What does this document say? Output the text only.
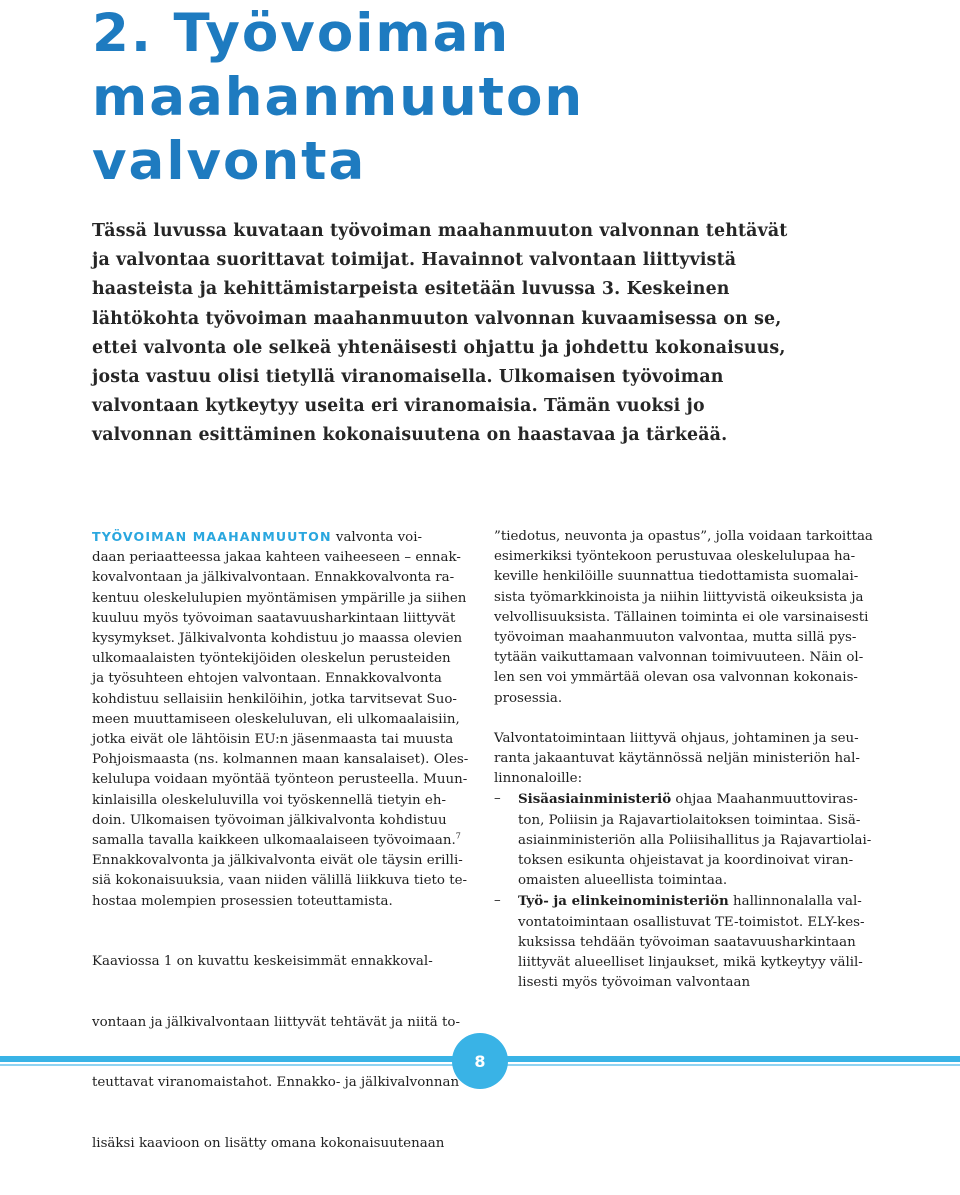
2. Työvoiman
maahanmuuton
valvonta

Tässä luvussa kuvataan työvoiman maahanmuuton valvonnan tehtävät
ja valvontaa suorittavat toimijat. Havainnot valvontaan liittyvistä
haasteista ja kehittämistarpeista esitetään luvussa 3. Keskeinen
lähtökohta työvoiman maahanmuuton valvonnan kuvaamisessa on se,
ettei valvonta ole selkeä yhtenäisesti ohjattu ja johdettu kokonaisuus,
josta vastuu olisi tietyllä viranomaisella. Ulkomaisen työvoiman
valvontaan kytkeytyy useita eri viranomaisia. Tämän vuoksi jo
valvonnan esittäminen kokonaisuutena on haastavaa ja tärkeää.

TYÖVOIMAN MAAHANMUUTON valvonta voi-
daan periaatteessa jakaa kahteen vaiheeseen – ennak-
kovalvontaan ja jälkivalvontaan. Ennakkovalvonta ra-
kentuu oleskelulupien myöntämisen ympärille ja siihen
kuuluu myös työvoiman saatavuusharkintaan liittyvät
kysymykset. Jälkivalvonta kohdistuu jo maassa olevien
ulkomaalaisten työntekijöiden oleskelun perusteiden
ja työsuhteen ehtojen valvontaan. Ennakkovalvonta
kohdistuu sellaisiin henkilöihin, jotka tarvitsevat Suo-
meen muuttamiseen oleskeluluvan, eli ulkomaalaisiin,
jotka eivät ole lähtöisin EU:n jäsenmaasta tai muusta
Pohjoismaasta (ns. kolmannen maan kansalaiset). Oles-
kelulupa voidaan myöntää työnteon perusteella. Muun-
kinlaisilla oleskeluluvilla voi työskennellä tietyin eh-
doin. Ulkomaisen työvoiman jälkivalvonta kohdistuu
samalla tavalla kaikkeen ulkomaalaiseen työvoimaan.$^7$
Ennakkovalvonta ja jälkivalvonta eivät ole täysin erilli-
siä kokonaisuuksia, vaan niiden välillä liikkuva tieto te-
hostaa molempien prosessien toteuttamista.

Kaaviossa 1 on kuvattu keskeisimmät ennakkoval-

vontaan ja jälkivalvontaan liittyvät tehtävät ja niitä to-

teuttavat viranomaistahot. Ennakko- ja jälkivalvonnan

lisäksi kaavioon on lisätty omana kokonaisuutenaan

”tiedotus, neuvonta ja opastus”, jolla voidaan tarkoittaa
esimerkiksi työntekoon perustuvaa oleskelulupaa ha-
keville henkilöille suunnattua tiedottamista suomalai-
sista työmarkkinoista ja niihin liittyvistä oikeuksista ja
velvollisuuksista. Tällainen toiminta ei ole varsinaisesti
työvoiman maahanmuuton valvontaa, mutta sillä pys-
tytään vaikuttamaan valvonnan toimivuuteen. Näin ol-
len sen voi ymmärtää olevan osa valvonnan kokonais-
prosessia.

Valvontatoimintaan liittyvä ohjaus, johtaminen ja seu-
ranta jakaantuvat käytännössä neljän ministeriön hal-
linnonaloille:

– Sisäasiainministeriö ohjaa Maahanmuuttoviras-
ton, Poliisin ja Rajavartiolaitoksen toimintaa. Sisä-
asiainministeriön alla Poliisihallitus ja Rajavartiolai-
toksen esikunta ohjeistavat ja koordinoivat viran-
omaisten alueellista toimintaa.
– Työ- ja elinkeinoministeriön hallinnonalalla val-
vontatoimintaan osallistuvat TE-toimistot. ELY-kes-
kuksissa tehdään työvoiman saatavuusharkintaan
liittyvät alueelliset linjaukset, mikä kytkeytyy välil-
lisesti myös työvoiman valvontaan
8
